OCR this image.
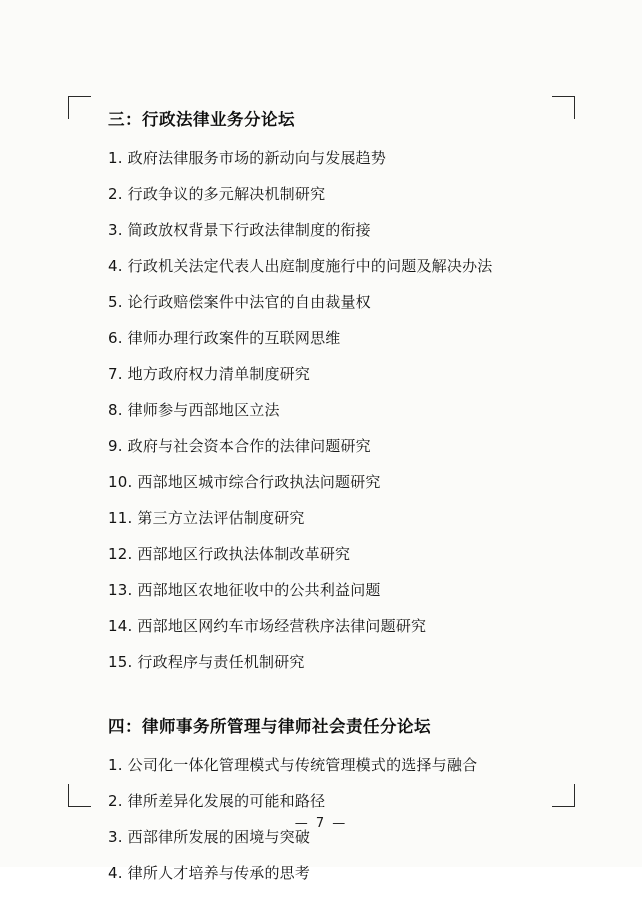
三：行政法律业务分论坛
1. 政府法律服务市场的新动向与发展趋势
2. 行政争议的多元解决机制研究
3. 简政放权背景下行政法律制度的衔接
4. 行政机关法定代表人出庭制度施行中的问题及解决办法
5. 论行政赔偿案件中法官的自由裁量权
6. 律师办理行政案件的互联网思维
7. 地方政府权力清单制度研究
8. 律师参与西部地区立法
9. 政府与社会资本合作的法律问题研究
10. 西部地区城市综合行政执法问题研究
11. 第三方立法评估制度研究
12. 西部地区行政执法体制改革研究
13. 西部地区农地征收中的公共利益问题
14. 西部地区网约车市场经营秩序法律问题研究
15. 行政程序与责任机制研究
四：律师事务所管理与律师社会责任分论坛
1. 公司化一体化管理模式与传统管理模式的选择与融合
2. 律所差异化发展的可能和路径
3. 西部律所发展的困境与突破
4. 律所人才培养与传承的思考
— 7 —
